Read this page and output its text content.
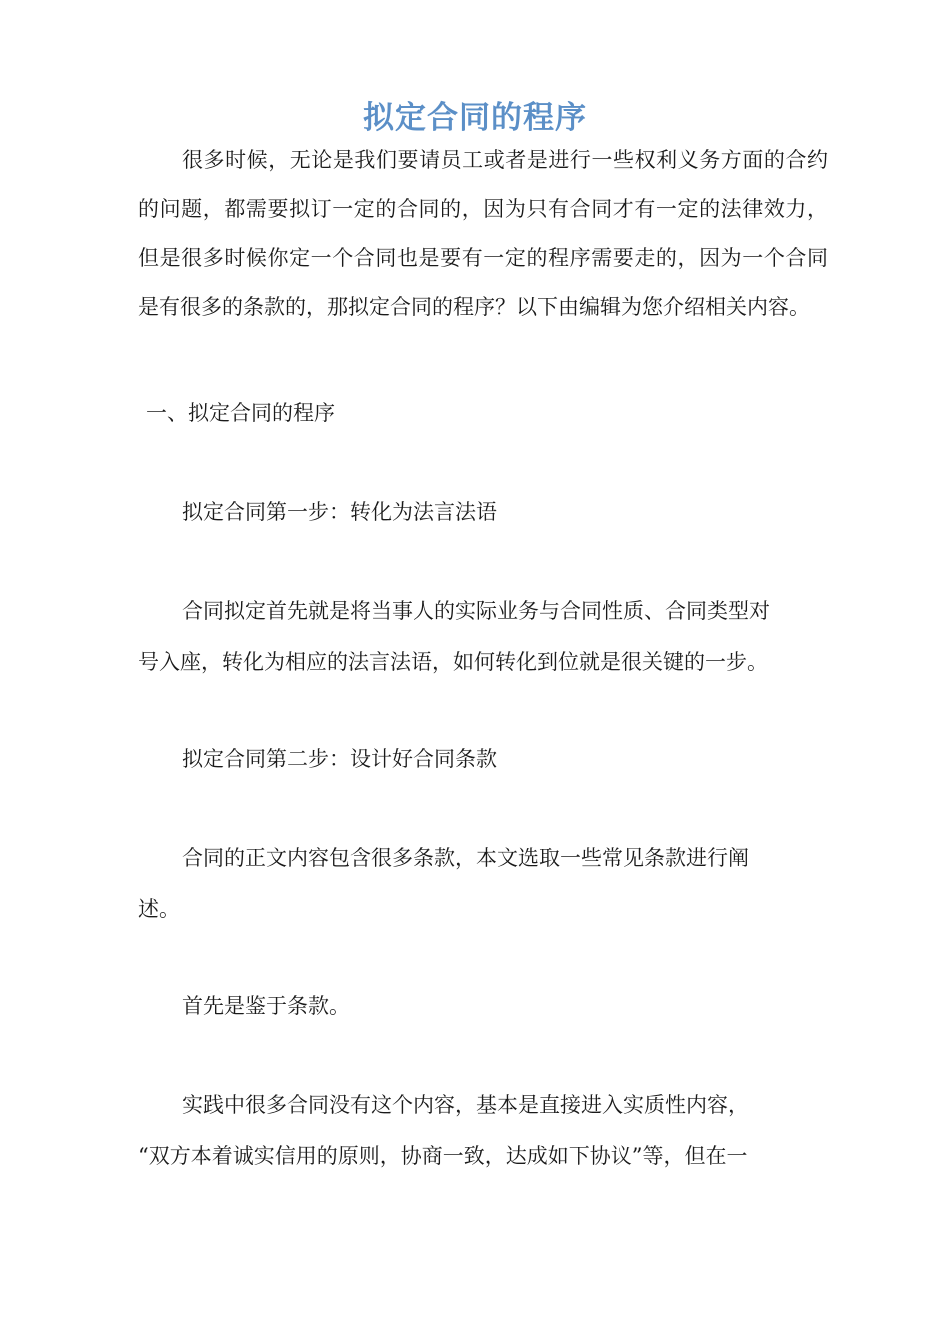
拟定合同的程序

很多时候，无论是我们要请员工或者是进行一些权利义务方面的合约的问题，都需要拟订一定的合同的，因为只有合同才有一定的法律效力，但是很多时候你定一个合同也是要有一定的程序需要走的，因为一个合同是有很多的条款的，那拟定合同的程序？以下由编辑为您介绍相关内容。

一、拟定合同的程序

拟定合同第一步：转化为法言法语

合同拟定首先就是将当事人的实际业务与合同性质、合同类型对

号入座，转化为相应的法言法语，如何转化到位就是很关键的一步。

拟定合同第二步：设计好合同条款

合同的正文内容包含很多条款，本文选取一些常见条款进行阐

述。

首先是鉴于条款。

实践中很多合同没有这个内容，基本是直接进入实质性内容，

“双方本着诚实信用的原则，协商一致，达成如下协议”等，但在一
